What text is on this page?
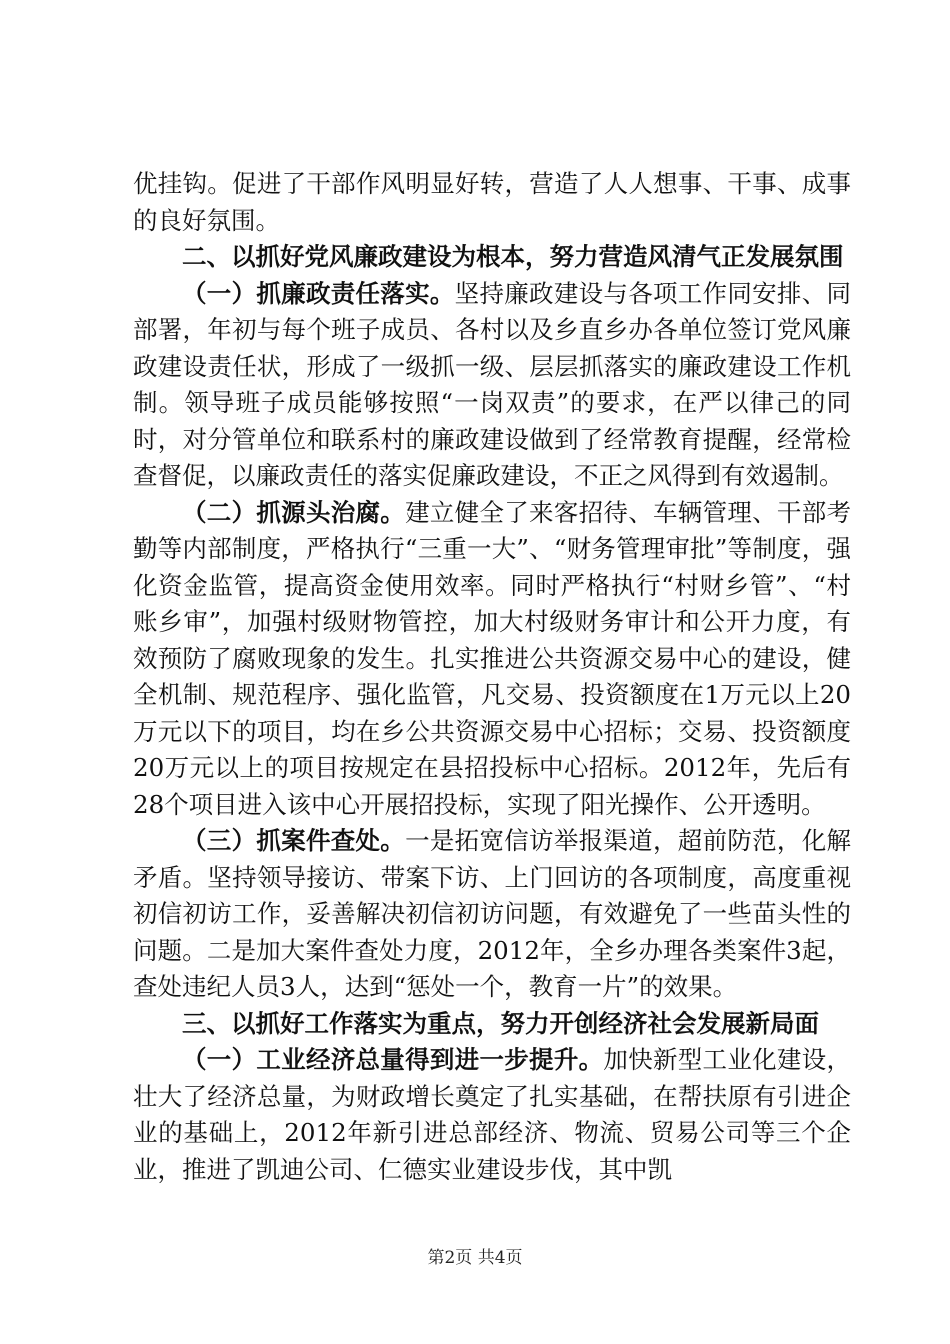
优挂钩。促进了干部作风明显好转，营造了人人想事、干事、成事的良好氛围。

二、以抓好党风廉政建设为根本，努力营造风清气正发展氛围

（一）抓廉政责任落实。坚持廉政建设与各项工作同安排、同部署，年初与每个班子成员、各村以及乡直乡办各单位签订党风廉政建设责任状，形成了一级抓一级、层层抓落实的廉政建设工作机制。领导班子成员能够按照“一岗双责”的要求，在严以律己的同时，对分管单位和联系村的廉政建设做到了经常教育提醒，经常检查督促，以廉政责任的落实促廉政建设，不正之风得到有效遏制。

（二）抓源头治腐。建立健全了来客招待、车辆管理、干部考勤等内部制度，严格执行“三重一大”、“财务管理审批”等制度，强化资金监管，提高资金使用效率。同时严格执行“村财乡管”、“村账乡审”，加强村级财物管控，加大村级财务审计和公开力度，有效预防了腐败现象的发生。扎实推进公共资源交易中心的建设，健全机制、规范程序、强化监管，凡交易、投资额度在1万元以上20万元以下的项目，均在乡公共资源交易中心招标；交易、投资额度20万元以上的项目按规定在县招投标中心招标。2012年，先后有28个项目进入该中心开展招投标，实现了阳光操作、公开透明。

（三）抓案件查处。一是拓宽信访举报渠道，超前防范，化解矛盾。坚持领导接访、带案下访、上门回访的各项制度，高度重视初信初访工作，妥善解决初信初访问题，有效避免了一些苗头性的问题。二是加大案件查处力度，2012年，全乡办理各类案件3起，查处违纪人员3人，达到“惩处一个，教育一片”的效果。

三、以抓好工作落实为重点，努力开创经济社会发展新局面

（一）工业经济总量得到进一步提升。加快新型工业化建设，壮大了经济总量，为财政增长奠定了扎实基础，在帮扶原有引进企业的基础上，2012年新引进总部经济、物流、贸易公司等三个企业，推进了凯迪公司、仁德实业建设步伐，其中凯

第2页 共4页
